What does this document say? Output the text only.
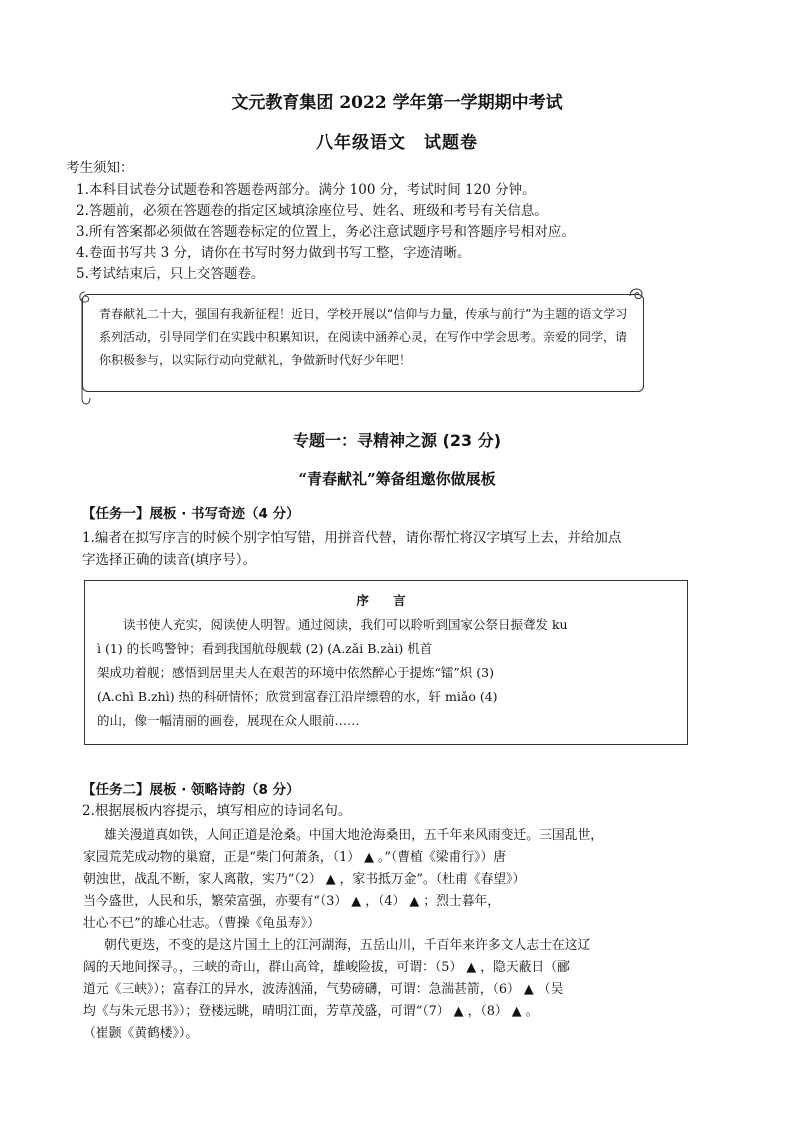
文元教育集团 2022 学年第一学期期中考试
八年级语文　试题卷
考生须知：
1.本科目试卷分试题卷和答题卷两部分。满分 100 分，考试时间 120 分钟。
2.答题前，必须在答题卷的指定区域填涂座位号、姓名、班级和考号有关信息。
3.所有答案都必须做在答题卷标定的位置上，务必注意试题序号和答题序号相对应。
4.卷面书写共 3 分，请你在书写时努力做到书写工整，字迹清晰。
5.考试结束后，只上交答题卷。
青春献礼二十大，强国有我新征程！近日，学校开展以“信仰与力量，传承与前行”为主题的语文学习系列活动，引导同学们在实践中积累知识，在阅读中涵养心灵，在写作中学会思考。亲爱的同学，请你积极参与，以实际行动向党献礼，争做新时代好少年吧！
专题一：寻精神之源 (23 分)
“青春献礼”筹备组邀你做展板
【任务一】展板 · 书写奇迹（4 分）
1.编者在拟写序言的时候个别字怕写错，用拼音代替，请你帮忙将汉字填写上去，并给加点
字选择正确的读音(填序号）。
序 言
读书使人充实，阅读使人明智。通过阅读，我们可以聆听到国家公祭日振聋发 ku
ì (1) 的长鸣警钟；看到我国航母舰载 (2) (A.zǎi B.zài) 机首
架成功着舰；感悟到居里夫人在艰苦的环境中依然醉心于提炼“镭”炽 (3)
(A.chì B.zhì) 热的科研情怀；欣赏到富春江沿岸缥碧的水，轩 miǎo (4)
的山，像一幅清丽的画卷，展现在众人眼前……
【任务二】展板 · 领略诗韵（8 分）
2.根据展板内容提示，填写相应的诗词名句。
雄关漫道真如铁，人间正道是沧桑。中国大地沧海桑田，五千年来风雨变迁。三国乱世，
家园荒芜成动物的巢窟，正是“柴门何萧条，（1） ▲ 。”（曹植《梁甫行》）唐
朝浊世，战乱不断，家人离散，实乃“（2） ▲ ，家书抵万金”。（杜甫《春望》）
当今盛世，人民和乐，繁荣富强，亦要有“（3） ▲ ，（4） ▲ ；烈士暮年，
壮心不已”的雄心壮志。（曹操《龟虽寿》）
朝代更迭，不变的是这片国土上的江河湖海，五岳山川，千百年来许多文人志士在这辽
阔的天地间探寻。，三峡的奇山，群山高耸，雄峻险拔，可谓：（5） ▲ ，隐天蔽日（郦
道元《三峡》）；富春江的异水，波涛汹涌，气势磅礴，可谓：急湍甚箭，（6） ▲ （吴
均《与朱元思书》）；登楼远眺，晴明江面，芳草茂盛，可谓“（7） ▲ ，（8） ▲ 。
（崔颢《黄鹤楼》）。
